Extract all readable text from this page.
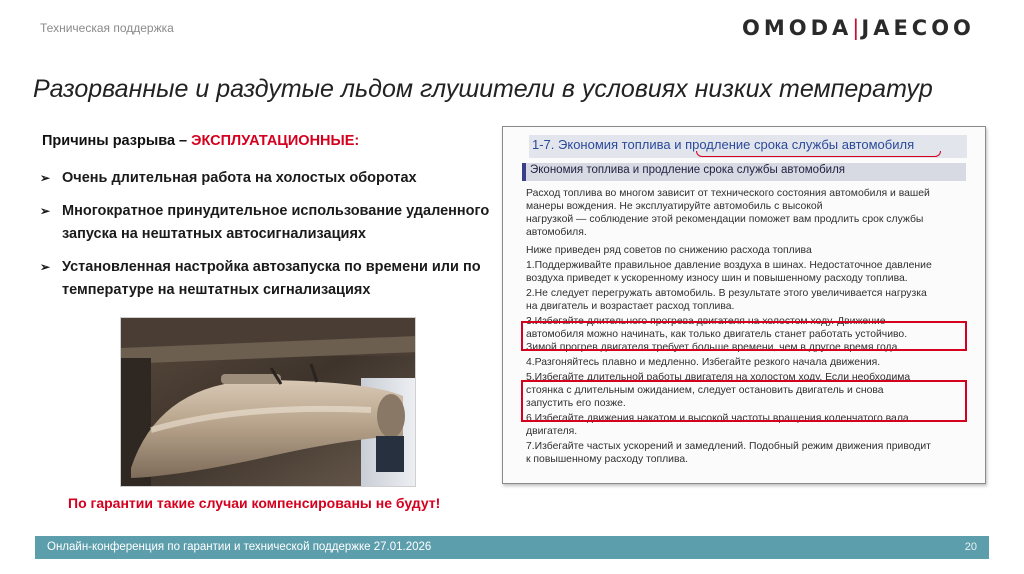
Техническая поддержка	OMODA|JAECOO
Разорванные и раздутые льдом глушители в условиях низких температур
Причины разрыва – ЭКСПЛУАТАЦИОННЫЕ:
➢ Очень длительная работа на холостых оборотах
➢ Многократное принудительное использование удаленного запуска на нештатных автосигнализациях
➢ Установленная настройка автозапуска по времени или по температуре на нештатных сигнализациях
По гарантии такие случаи компенсированы не будут!
1-7. Экономия топлива и продление срока службы автомобиля
Экономия топлива и продление срока службы автомобиля

Расход топлива во многом зависит от технического состояния автомобиля и вашей

манеры вождения. Не эксплуатируйте автомобиль с высокой

нагрузкой — соблюдение этой рекомендации поможет вам продлить срок службы

автомобиля.

Ниже приведен ряд советов по снижению расхода топлива

1.Поддерживайте правильное давление воздуха в шинах. Недостаточное давление

воздуха приведет к ускоренному износу шин и повышенному расходу топлива.

2.Не следует перегружать автомобиль. В результате этого увеличивается нагрузка

на двигатель и возрастает расход топлива.

3.Избегайте длительного прогрева двигателя на холостом ходу. Движение

автомобиля можно начинать, как только двигатель станет работать устойчиво.

Зимой прогрев двигателя требует больше времени, чем в другое время года.

4.Разгоняйтесь плавно и медленно. Избегайте резкого начала движения.

5.Избегайте длительной работы двигателя на холостом ходу. Если необходима

стоянка с длительным ожиданием, следует остановить двигатель и снова

запустить его позже.

6.Избегайте движения накатом и высокой частоты вращения коленчатого вала

двигателя.

7.Избегайте частых ускорений и замедлений. Подобный режим движения приводит

к повышенному расходу топлива.

Онлайн-конференция по гарантии и технической поддержке 27.01.2026	20
